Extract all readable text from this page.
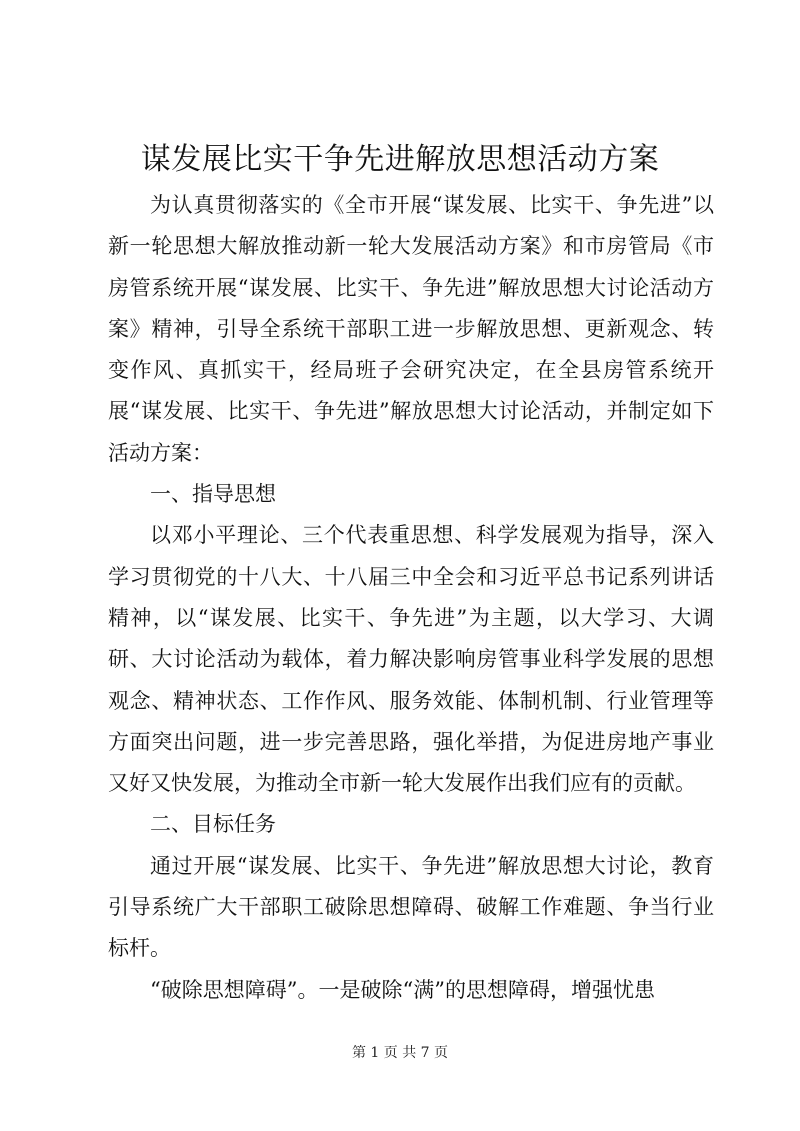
谋发展比实干争先进解放思想活动方案

为认真贯彻落实的《全市开展“谋发展、比实干、争先进”以新一轮思想大解放推动新一轮大发展活动方案》和市房管局《市房管系统开展“谋发展、比实干、争先进”解放思想大讨论活动方案》精神，引导全系统干部职工进一步解放思想、更新观念、转变作风、真抓实干，经局班子会研究决定，在全县房管系统开展“谋发展、比实干、争先进”解放思想大讨论活动，并制定如下活动方案：

一、指导思想

以邓小平理论、三个代表重思想、科学发展观为指导，深入学习贯彻党的十八大、十八届三中全会和习近平总书记系列讲话精神，以“谋发展、比实干、争先进”为主题，以大学习、大调研、大讨论活动为载体，着力解决影响房管事业科学发展的思想观念、精神状态、工作作风、服务效能、体制机制、行业管理等方面突出问题，进一步完善思路，强化举措，为促进房地产事业又好又快发展，为推动全市新一轮大发展作出我们应有的贡献。

二、目标任务

通过开展“谋发展、比实干、争先进”解放思想大讨论，教育引导系统广大干部职工破除思想障碍、破解工作难题、争当行业标杆。

“破除思想障碍”。一是破除“满”的思想障碍，增强忧患

第 1 页 共 7 页
